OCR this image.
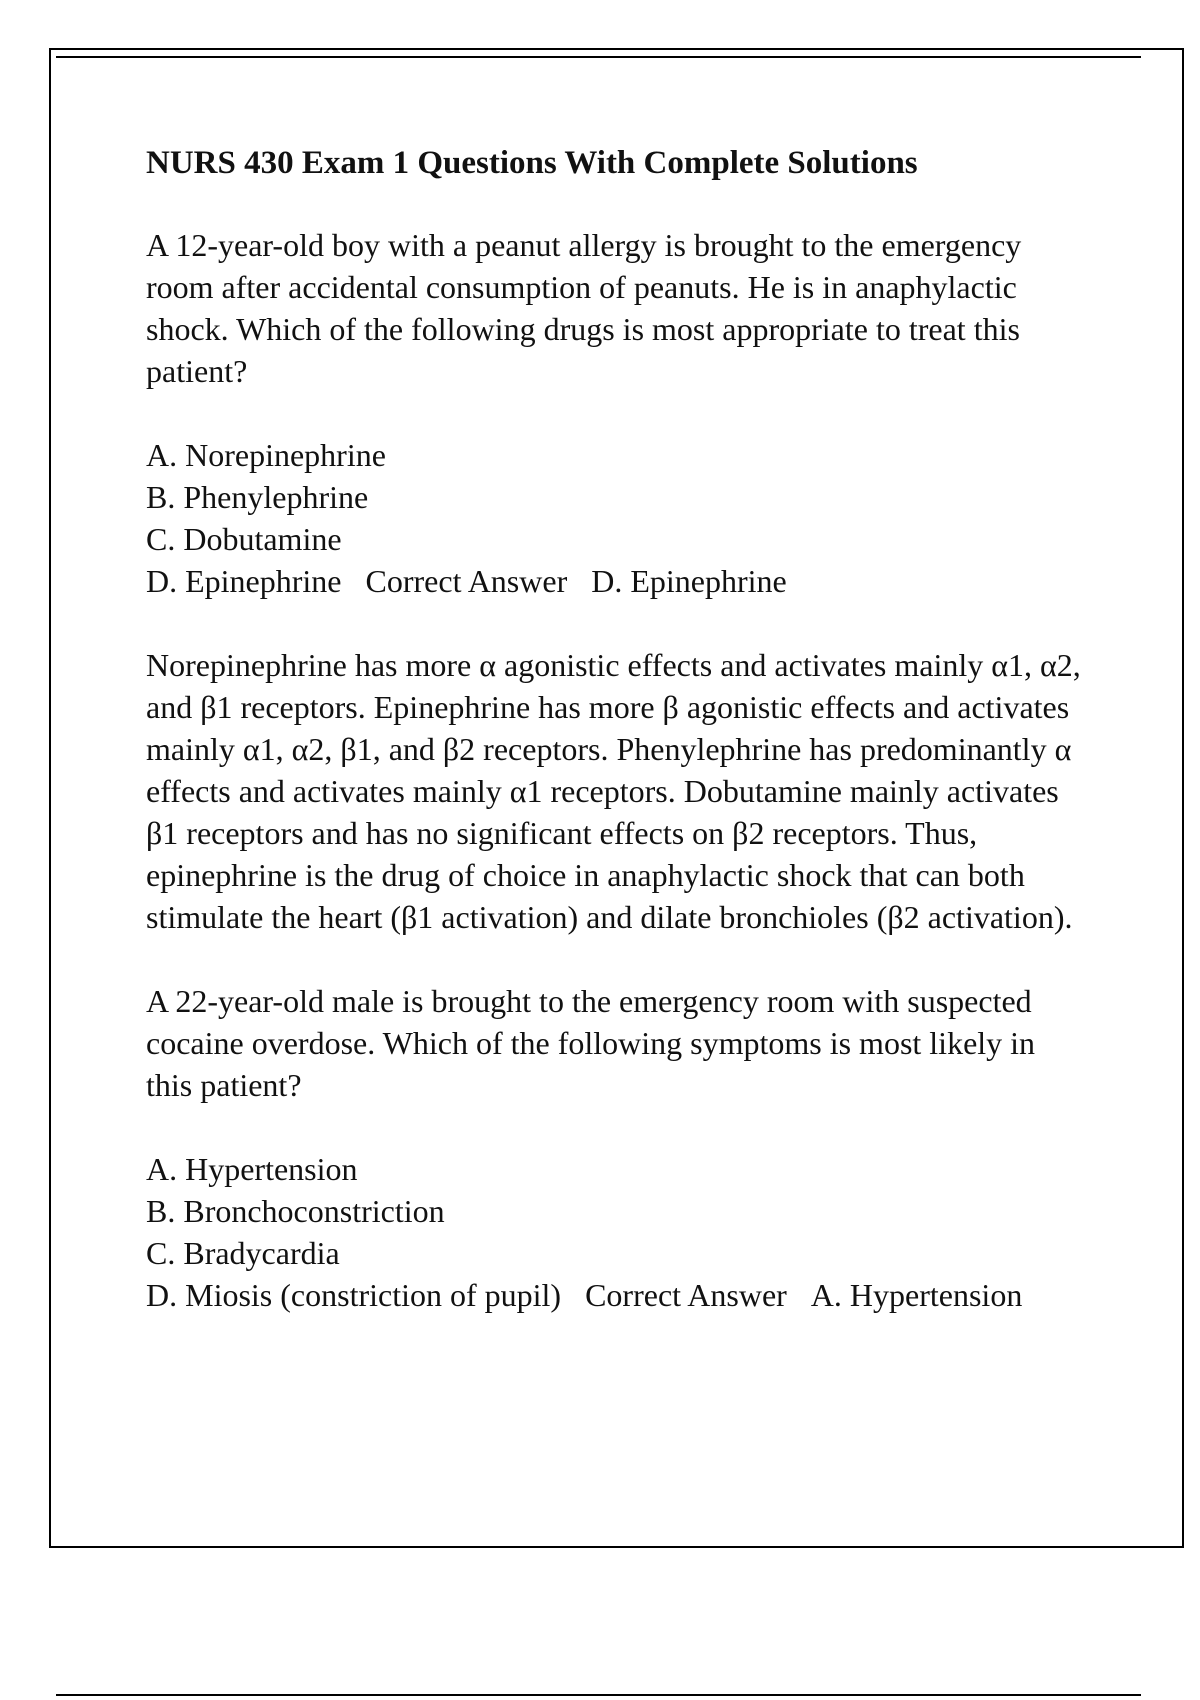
NURS 430 Exam 1 Questions With Complete Solutions
A 12-year-old boy with a peanut allergy is brought to the emergency room after accidental consumption of peanuts. He is in anaphylactic shock. Which of the following drugs is most appropriate to treat this patient?
A. Norepinephrine
B. Phenylephrine
C. Dobutamine
D. Epinephrine Correct Answer D. Epinephrine
Norepinephrine has more α agonistic effects and activates mainly α1, α2, and β1 receptors. Epinephrine has more β agonistic effects and activates mainly α1, α2, β1, and β2 receptors. Phenylephrine has predominantly α effects and activates mainly α1 receptors. Dobutamine mainly activates β1 receptors and has no significant effects on β2 receptors. Thus, epinephrine is the drug of choice in anaphylactic shock that can both stimulate the heart (β1 activation) and dilate bronchioles (β2 activation).
A 22-year-old male is brought to the emergency room with suspected cocaine overdose. Which of the following symptoms is most likely in this patient?
A. Hypertension
B. Bronchoconstriction
C. Bradycardia
D. Miosis (constriction of pupil) Correct Answer A. Hypertension
